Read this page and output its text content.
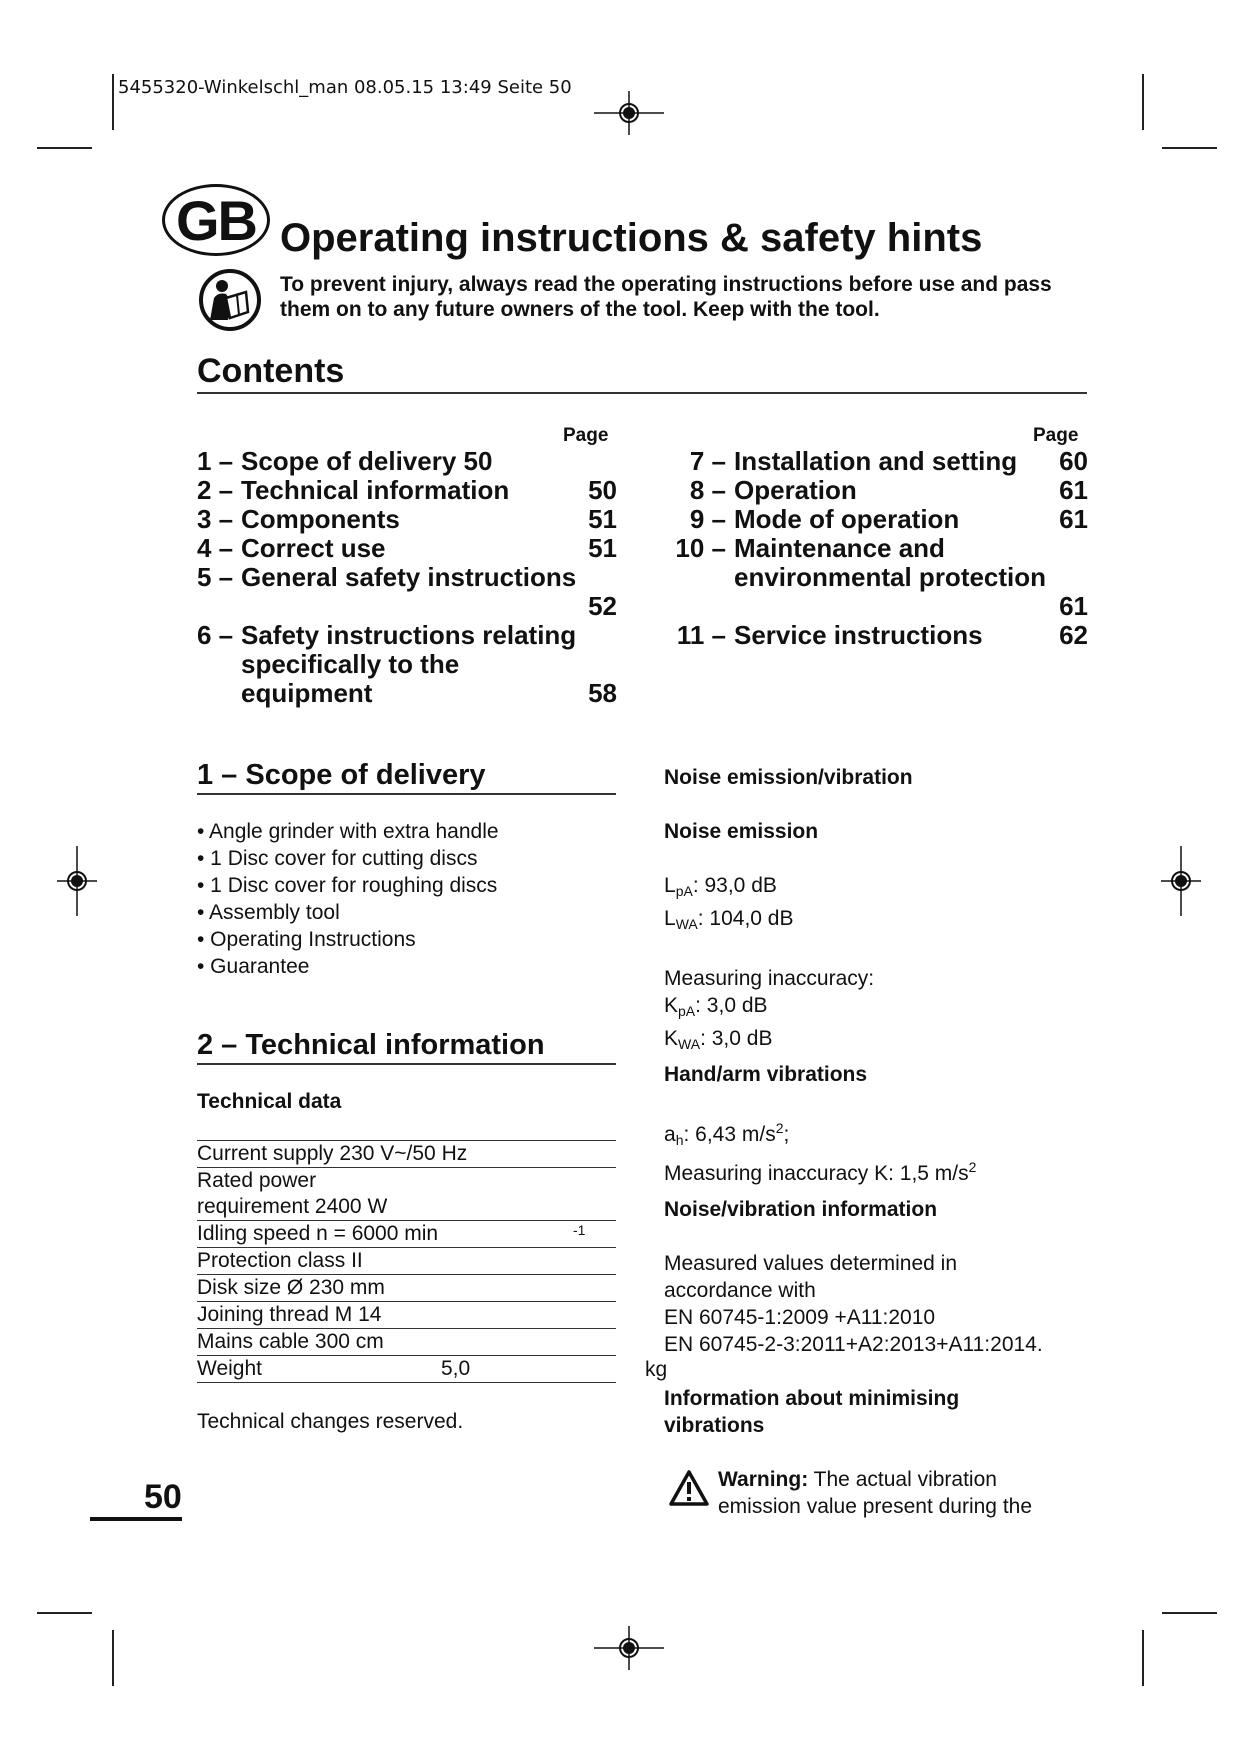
5455320-Winkelschl_man 08.05.15 13:49 Seite 50
GB Operating instructions & safety hints
To prevent injury, always read the operating instructions before use and pass them on to any future owners of the tool. Keep with the tool.
Contents
Page	Page
1 – Scope of delivery 50
2 – Technical information	50
3 – Components	51
4 – Correct use	51
5 – General safety instructions
52
6 – Safety instructions relating specifically to the equipment	58
7 – Installation and setting	60
8 – Operation	61
9 – Mode of operation	61
10 – Maintenance and environmental protection
61
11 – Service instructions	62
1 – Scope of delivery
• Angle grinder with extra handle
• 1 Disc cover for cutting discs
• 1 Disc cover for roughing discs
• Assembly tool
• Operating Instructions
• Guarantee
2 – Technical information
Technical data
Current supply 230 V~/50 Hz
Rated power
requirement 2400 W
Idling speed n = 6000 min	-1
Protection class II
Disk size Ø 230 mm
Joining thread M 14
Mains cable 300 cm
Weight	5,0	kg
Technical changes reserved.
Noise emission/vibration
Noise emission
$L_{pA}$: 93,0 dB
$L_{WA}$: 104,0 dB
Measuring inaccuracy:
$K_{pA}$: 3,0 dB
$K_{WA}$: 3,0 dB
Hand/arm vibrations
$a_h$: 6,43 $m/s^2$;
Measuring inaccuracy K: 1,5 $m/s^2$
Noise/vibration information
Measured values determined in
accordance with
EN 60745-1:2009 +A11:2010
EN 60745-2-3:2011+A2:2013+A11:2014.
Information about minimising vibrations
Warning: The actual vibration
emission value present during the
50
